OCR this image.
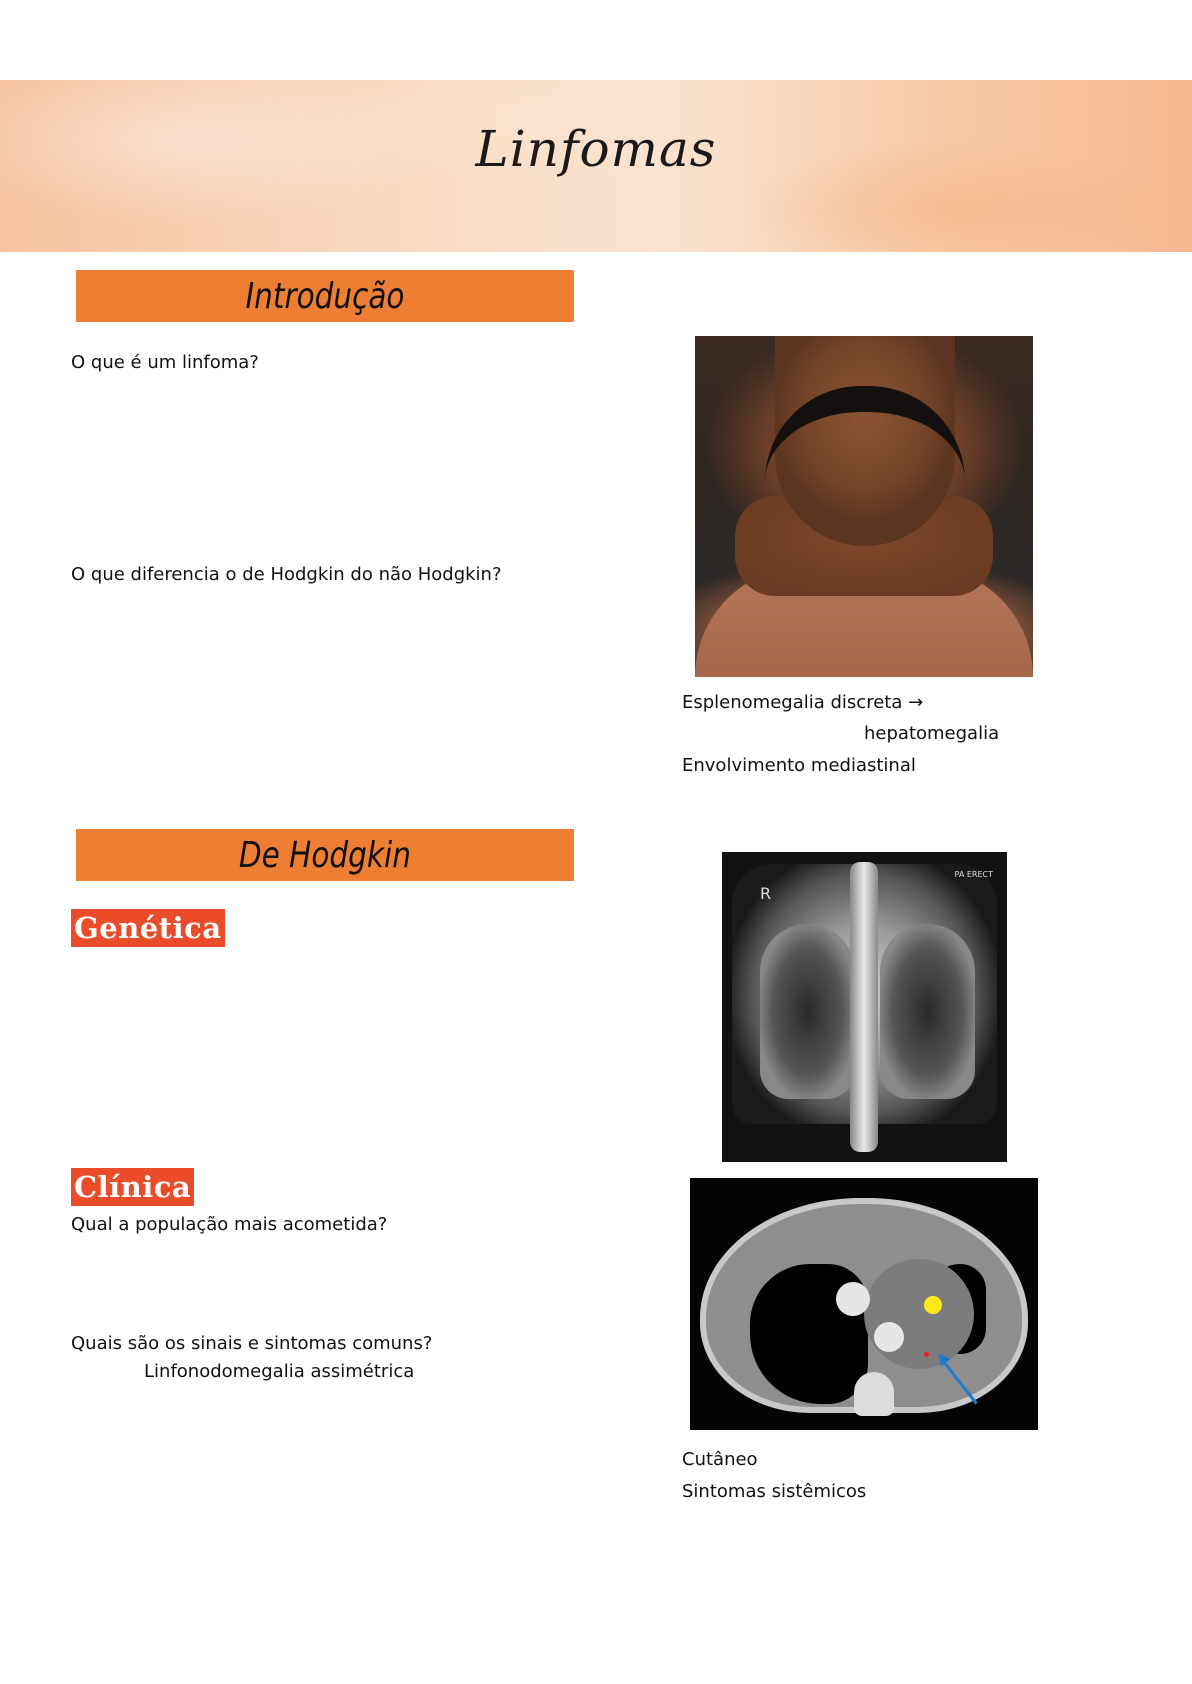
Linfomas
Introdução
O que é um linfoma?
O que diferencia o de Hodgkin do não Hodgkin?
Esplenomegalia discreta →
hepatomegalia
Envolvimento mediastinal
De Hodgkin
Genética
R
PA ERECT
Clínica
Qual a população mais acometida?
Quais são os sinais e sintomas comuns?
Linfonodomegalia assimétrica
Cutâneo
Sintomas sistêmicos
